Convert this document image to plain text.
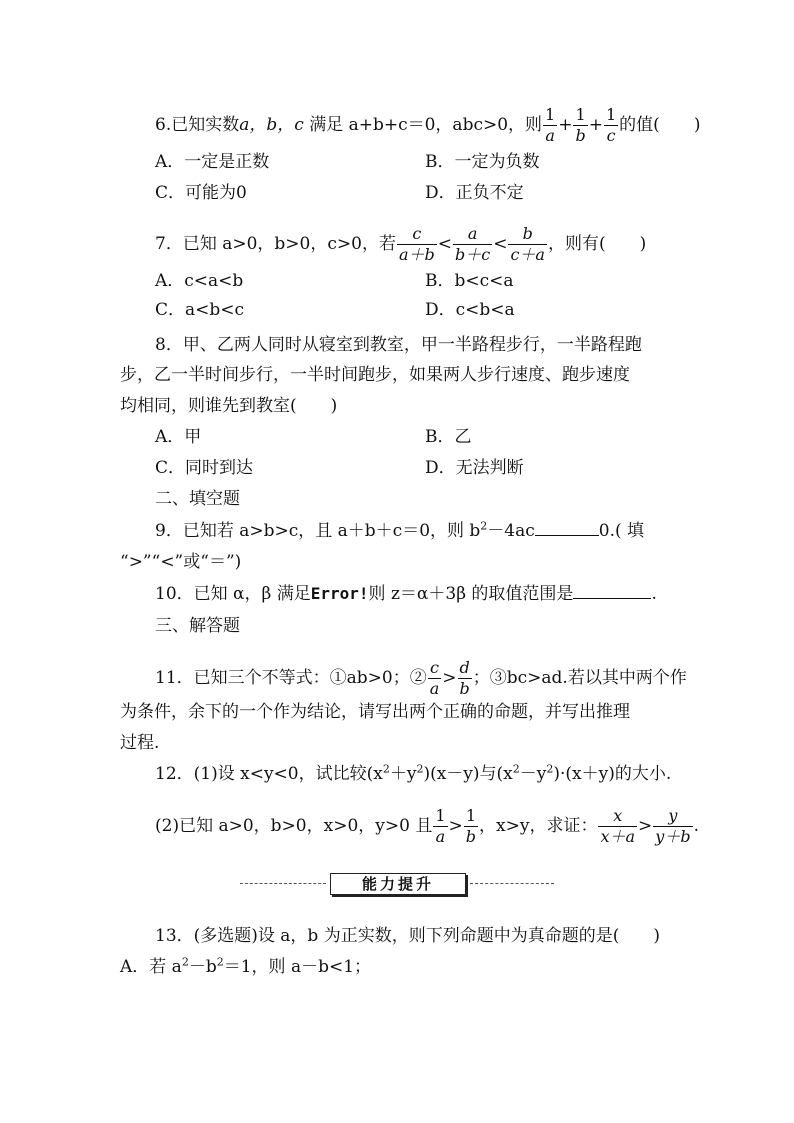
6.已知实数a，b，c 满足 a+b+c＝0，abc>0，则 $\frac{1}{a} + \frac{1}{b} + \frac{1}{c}$ 的值( )
A．一定是正数	B．一定为负数
C．可能为0	D．正负不定
7．已知 a>0，b>0，c>0，若 $\frac{c}{a+b} < \frac{a}{b+c} < \frac{b}{c+a}$ ，则有( )
A．c<a<b	B．b<c<a
C．a<b<c	D．c<b<a
8．甲、乙两人同时从寝室到教室，甲一半路程步行，一半路程跑
步，乙一半时间步行，一半时间跑步，如果两人步行速度、跑步速度
均相同，则谁先到教室( )
A．甲	B．乙
C．同时到达	D．无法判断
二、填空题
9．已知若 a>b>c，且 a＋b＋c＝0，则 $b^2-4ac$	0.( 填
“>”“<”或“＝”)
10．已知 α，β 满足Error!则 z＝α＋3β 的取值范围是	.
三、解答题
11．已知三个不等式：①ab>0；② $\frac{c}{a} > \frac{d}{b}$ ；③bc>ad.若以其中两个作
为条件，余下的一个作为结论，请写出两个正确的命题，并写出推理
过程.
12．(1)设 x<y<0，试比较$(x^2+y^2)(x-y)$与$(x^2-y^2)\cdot(x+y)$的大小.
(2)已知 a>0，b>0，x>0，y>0 且 $\frac{1}{a} > \frac{1}{b}$ ，x>y，求证： $\frac{x}{x+a} > \frac{y}{y+b}$ .
能力提升
13．(多选题)设 a，b 为正实数，则下列命题中为真命题的是( )
A．若 $a^2-b^2=1$，则 a－b<1；
